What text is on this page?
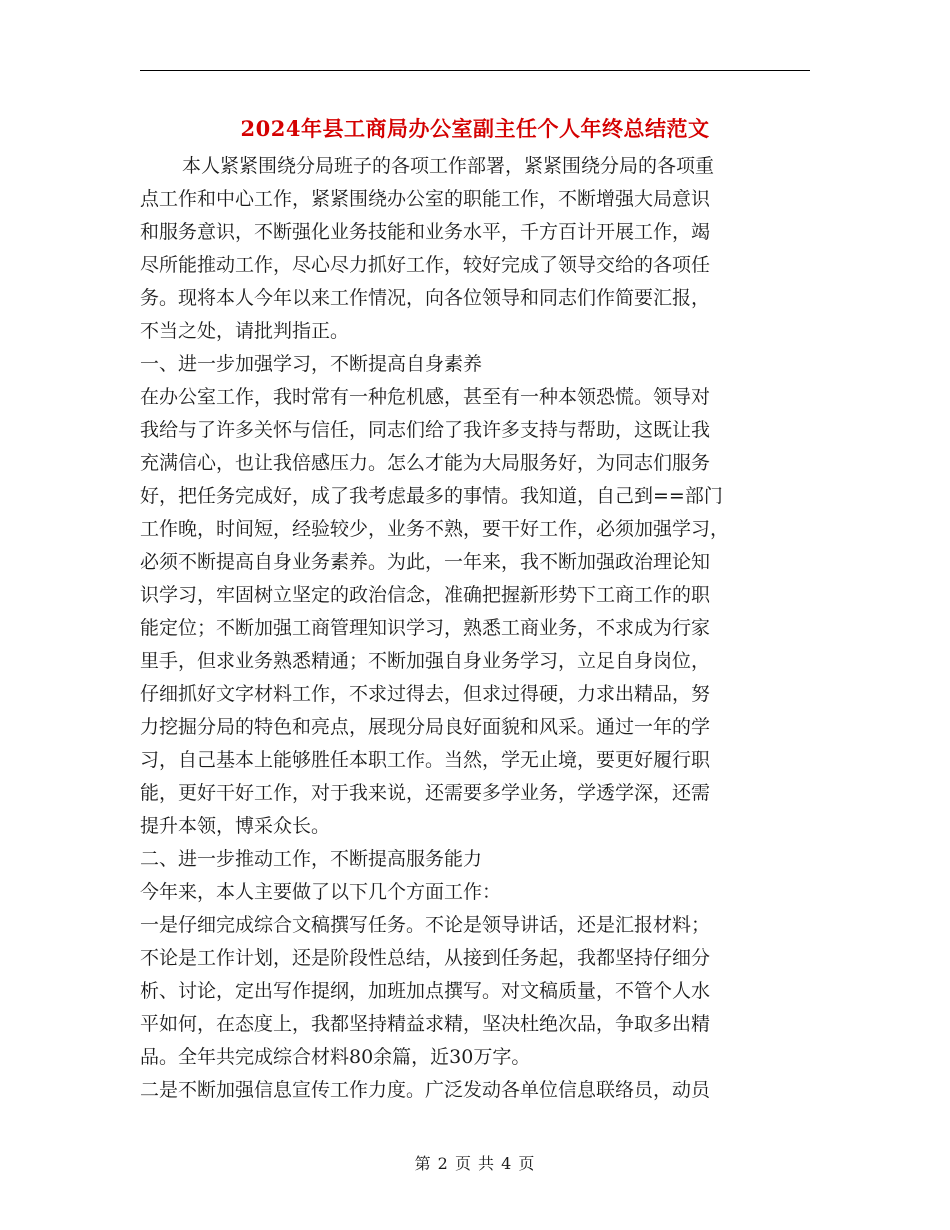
2024年县工商局办公室副主任个人年终总结范文
本人紧紧围绕分局班子的各项工作部署，紧紧围绕分局的各项重
点工作和中心工作，紧紧围绕办公室的职能工作，不断增强大局意识
和服务意识，不断强化业务技能和业务水平，千方百计开展工作，竭
尽所能推动工作，尽心尽力抓好工作，较好完成了领导交给的各项任
务。现将本人今年以来工作情况，向各位领导和同志们作简要汇报，
不当之处，请批判指正。
一、进一步加强学习，不断提高自身素养
在办公室工作，我时常有一种危机感，甚至有一种本领恐慌。领导对
我给与了许多关怀与信任，同志们给了我许多支持与帮助，这既让我
充满信心，也让我倍感压力。怎么才能为大局服务好，为同志们服务
好，把任务完成好，成了我考虑最多的事情。我知道，自己到==部门
工作晚，时间短，经验较少，业务不熟，要干好工作，必须加强学习，
必须不断提高自身业务素养。为此，一年来，我不断加强政治理论知
识学习，牢固树立坚定的政治信念，准确把握新形势下工商工作的职
能定位；不断加强工商管理知识学习，熟悉工商业务，不求成为行家
里手，但求业务熟悉精通；不断加强自身业务学习，立足自身岗位，
仔细抓好文字材料工作，不求过得去，但求过得硬，力求出精品，努
力挖掘分局的特色和亮点，展现分局良好面貌和风采。通过一年的学
习，自己基本上能够胜任本职工作。当然，学无止境，要更好履行职
能，更好干好工作，对于我来说，还需要多学业务，学透学深，还需
提升本领，博采众长。
二、进一步推动工作，不断提高服务能力
今年来，本人主要做了以下几个方面工作：
一是仔细完成综合文稿撰写任务。不论是领导讲话，还是汇报材料；
不论是工作计划，还是阶段性总结，从接到任务起，我都坚持仔细分
析、讨论，定出写作提纲，加班加点撰写。对文稿质量，不管个人水
平如何，在态度上，我都坚持精益求精，坚决杜绝次品，争取多出精
品。全年共完成综合材料80余篇，近30万字。
二是不断加强信息宣传工作力度。广泛发动各单位信息联络员，动员
第 2 页 共 4 页
